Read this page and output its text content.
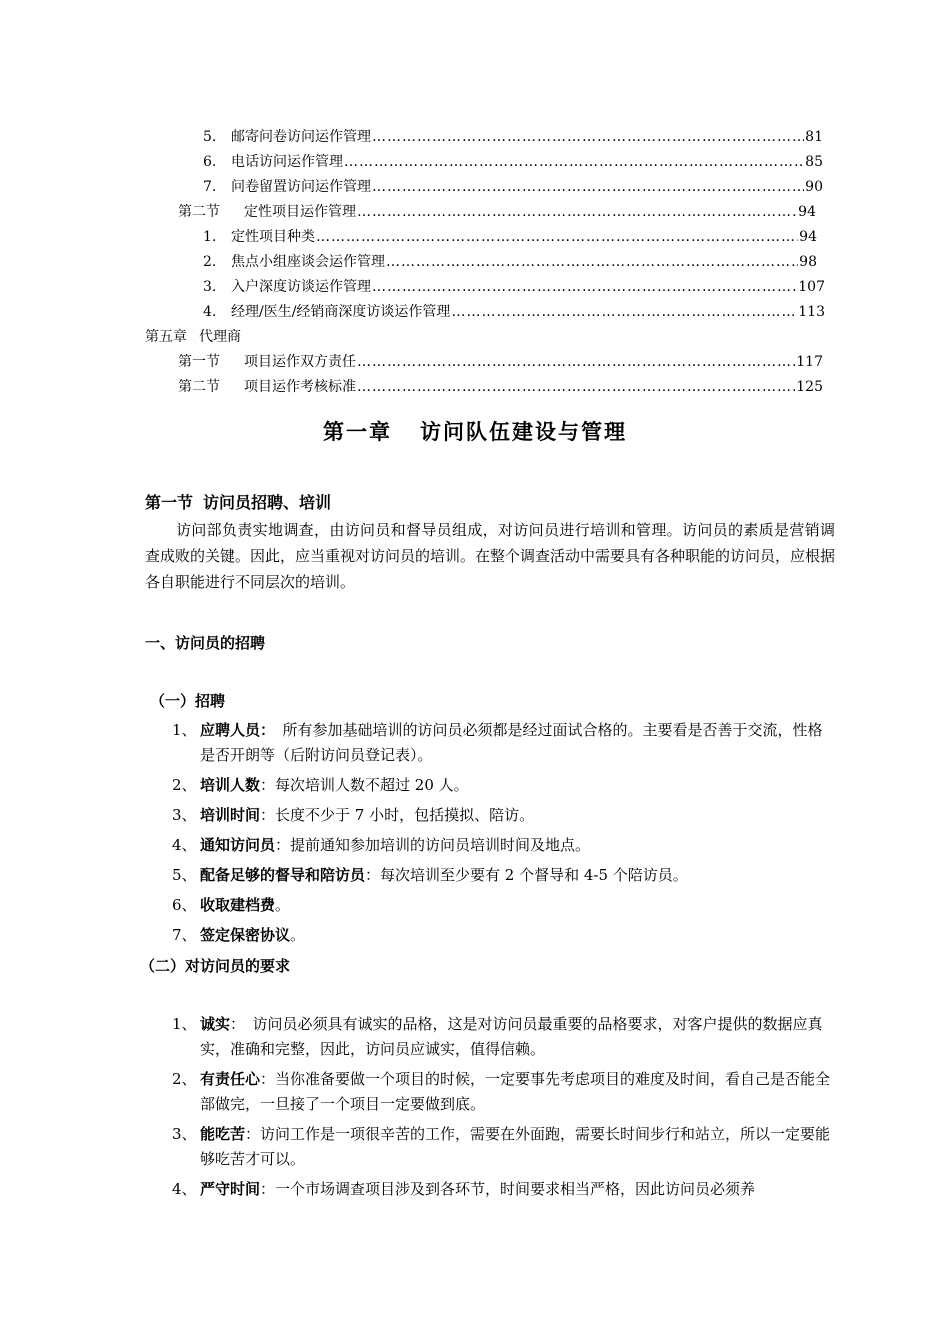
5.	邮寄问卷访问运作管理 ……………………………………………………………………………………………………………………………………………………………………………………………	81
6.	电话访问运作管理 ……………………………………………………………………………………………………………………………………………………………………………………………	85
7.	问卷留置访问运作管理 ……………………………………………………………………………………………………………………………………………………………………………………………	90
第二节	定性项目运作管理 ……………………………………………………………………………………………………………………………………………………………………………………………	94
1.	定性项目种类 ……………………………………………………………………………………………………………………………………………………………………………………………	94
2.	焦点小组座谈会运作管理 ……………………………………………………………………………………………………………………………………………………………………………………………	98
3.	入户深度访谈运作管理 ……………………………………………………………………………………………………………………………………………………………………………………………	107
4.	经理/医生/经销商深度访谈运作管理 ……………………………………………………………………………………………………………………………………………………………………………………………	113
第五章 代理商
第一节	项目运作双方责任 ……………………………………………………………………………………………………………………………………………………………………………………………	117
第二节	项目运作考核标准 ……………………………………………………………………………………………………………………………………………………………………………………………	125
第一章 访问队伍建设与管理
第一节 访问员招聘、培训
访问部负责实地调查，由访问员和督导员组成，对访问员进行培训和管理。访问员的素质是营销调查成败的关键。因此，应当重视对访问员的培训。在整个调查活动中需要具有各种职能的访问员，应根据各自职能进行不同层次的培训。
一、访问员的招聘
（一）招聘
1、 应聘人员：　所有参加基础培训的访问员必须都是经过面试合格的。主要看是否善于交流，性格是否开朗等（后附访问员登记表）。
2、 培训人数：每次培训人数不超过 20 人。
3、 培训时间：长度不少于 7 小时，包括摸拟、陪访。
4、 通知访问员：提前通知参加培训的访问员培训时间及地点。
5、 配备足够的督导和陪访员：每次培训至少要有 2 个督导和 4-5 个陪访员。
6、 收取建档费。
7、 签定保密协议。
（二）对访问员的要求
1、 诚实：　访问员必须具有诚实的品格，这是对访问员最重要的品格要求，对客户提供的数据应真实，准确和完整，因此，访问员应诚实，值得信赖。
2、 有责任心：当你准备要做一个项目的时候，一定要事先考虑项目的难度及时间，看自己是否能全部做完，一旦接了一个项目一定要做到底。
3、 能吃苦：访问工作是一项很辛苦的工作，需要在外面跑，需要长时间步行和站立，所以一定要能够吃苦才可以。
4、 严守时间：一个市场调查项目涉及到各环节，时间要求相当严格，因此访问员必须养
